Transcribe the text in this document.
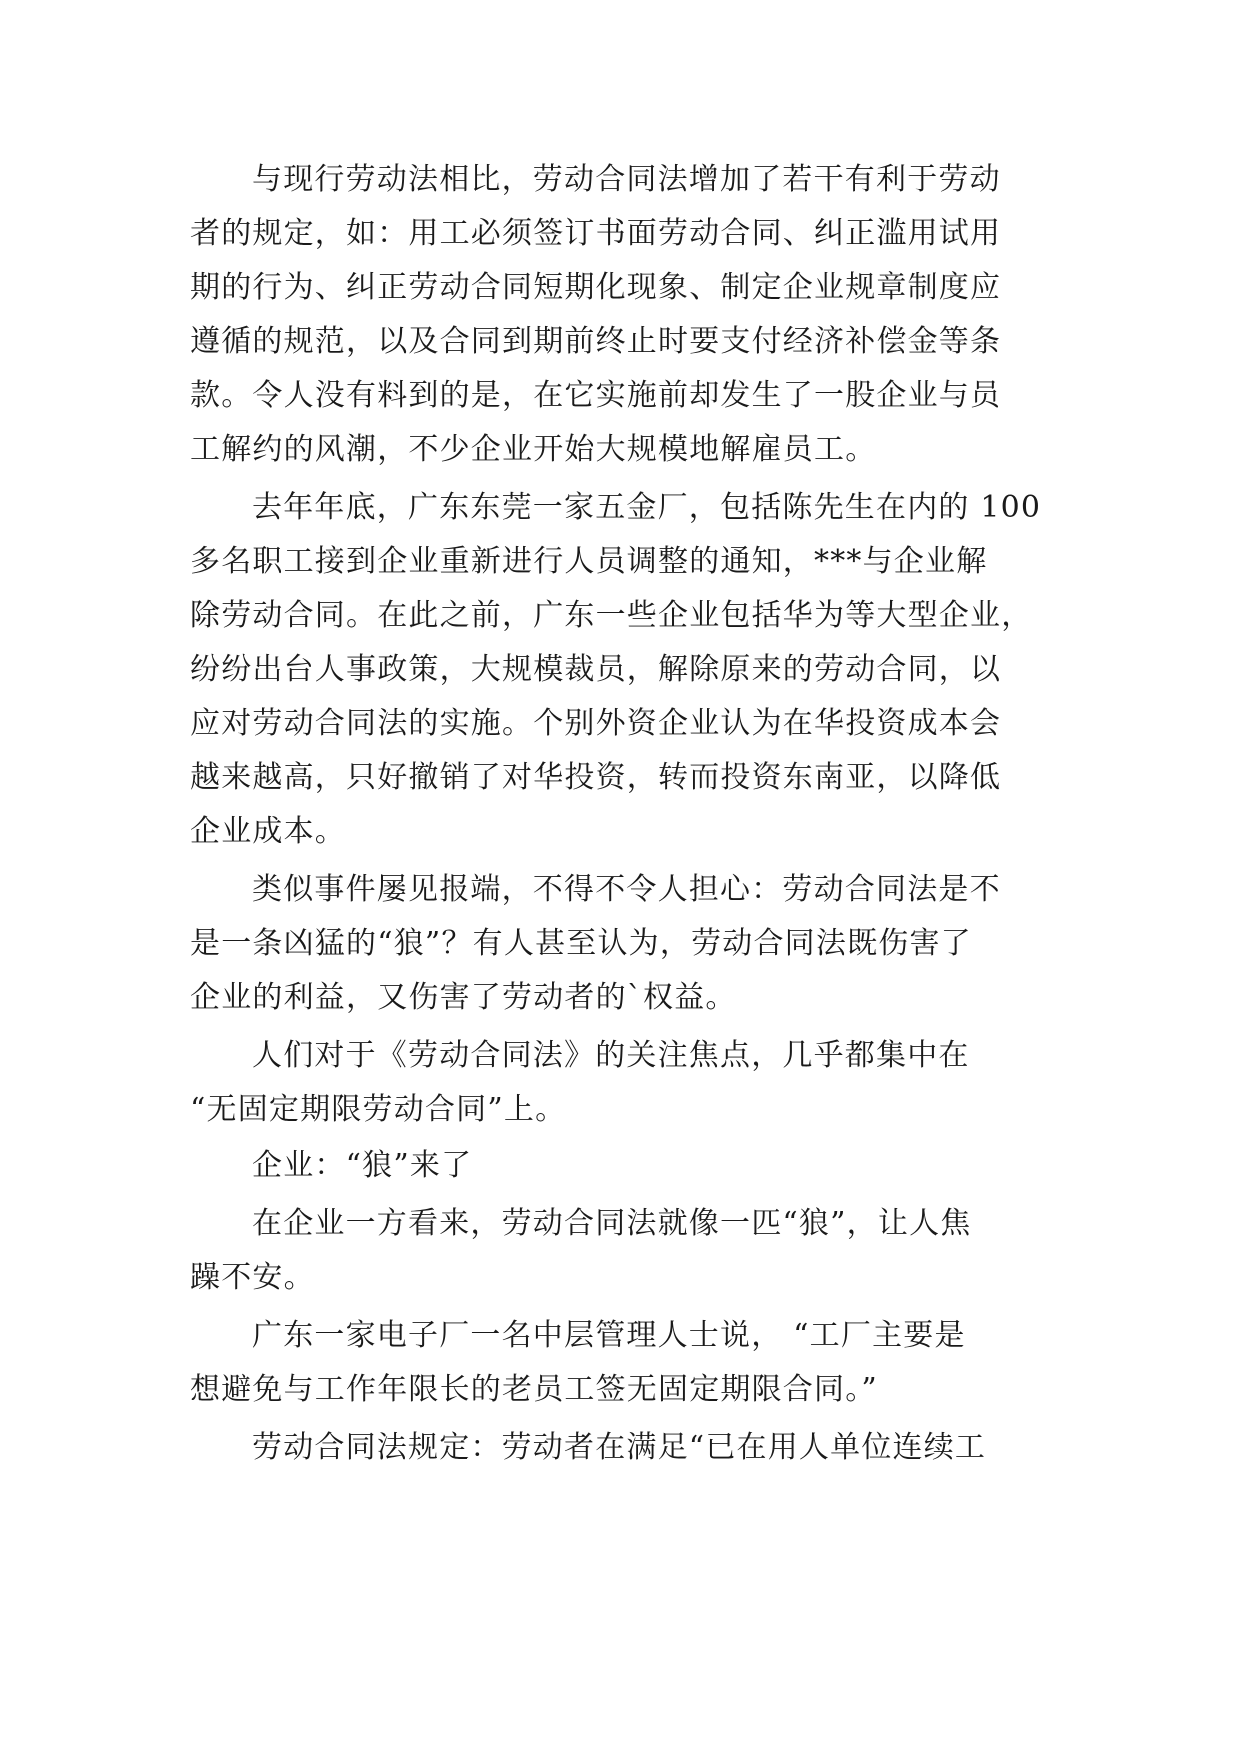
与现行劳动法相比，劳动合同法增加了若干有利于劳动
者的规定，如：用工必须签订书面劳动合同、纠正滥用试用
期的行为、纠正劳动合同短期化现象、制定企业规章制度应
遵循的规范，以及合同到期前终止时要支付经济补偿金等条
款。令人没有料到的是，在它实施前却发生了一股企业与员
工解约的风潮，不少企业开始大规模地解雇员工。
去年年底，广东东莞一家五金厂，包括陈先生在内的 100
多名职工接到企业重新进行人员调整的通知，***与企业解
除劳动合同。在此之前，广东一些企业包括华为等大型企业，
纷纷出台人事政策，大规模裁员，解除原来的劳动合同，以
应对劳动合同法的实施。个别外资企业认为在华投资成本会
越来越高，只好撤销了对华投资，转而投资东南亚，以降低
企业成本。
类似事件屡见报端，不得不令人担心：劳动合同法是不
是一条凶猛的“狼”？有人甚至认为，劳动合同法既伤害了
企业的利益，又伤害了劳动者的`权益。
人们对于《劳动合同法》的关注焦点，几乎都集中在
“无固定期限劳动合同”上。
企业：“狼”来了
在企业一方看来，劳动合同法就像一匹“狼”，让人焦
躁不安。
广东一家电子厂一名中层管理人士说， “工厂主要是
想避免与工作年限长的老员工签无固定期限合同。”
劳动合同法规定：劳动者在满足“已在用人单位连续工
